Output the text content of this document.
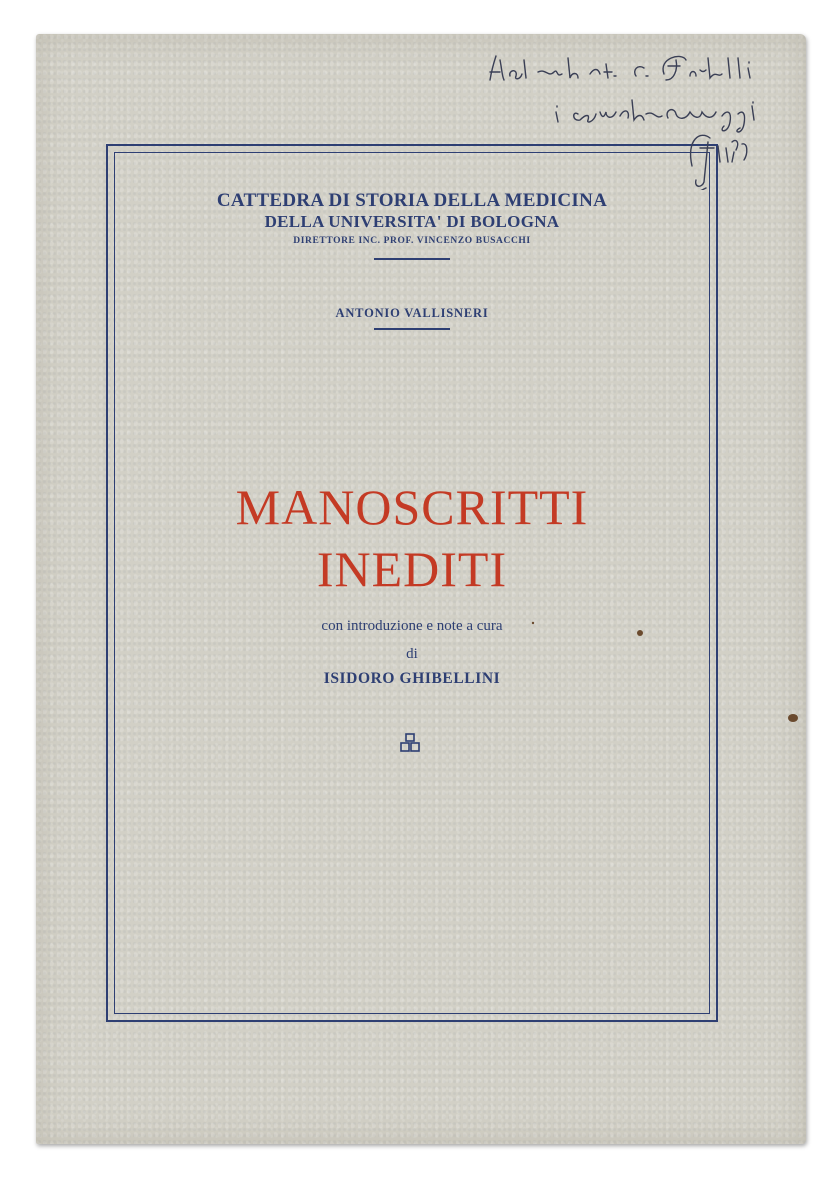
CATTEDRA DI STORIA DELLA MEDICINA
DELLA UNIVERSITA' DI BOLOGNA
DIRETTORE INC. PROF. VINCENZO BUSACCHI
ANTONIO VALLISNERI
MANOSCRITTI
INEDITI
con introduzione e note a cura
di
ISIDORO GHIBELLINI
